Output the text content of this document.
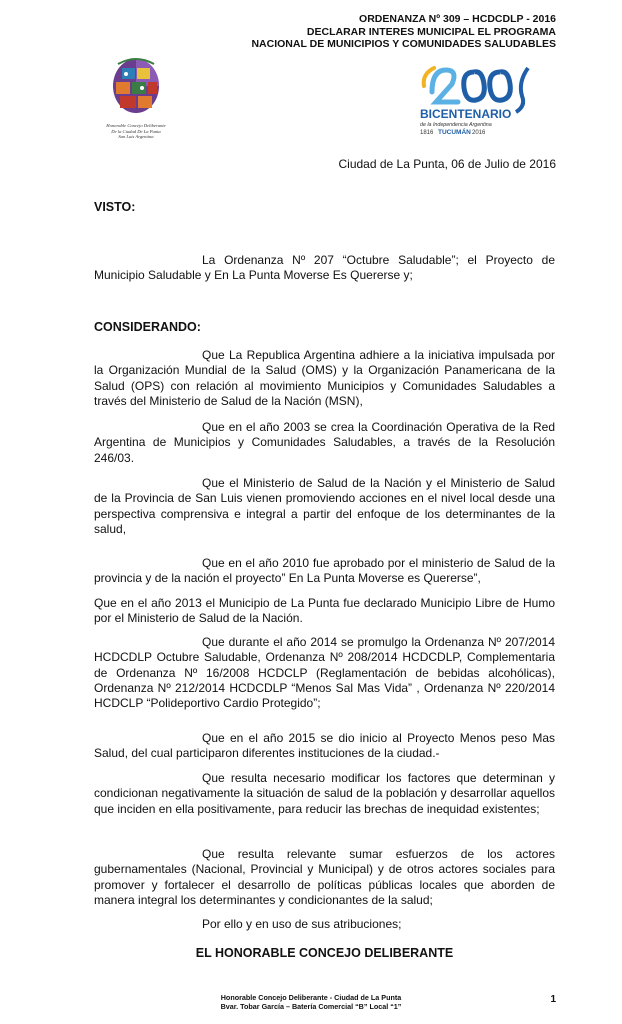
ORDENANZA Nº 309 – HCDCDLP - 2016
DECLARAR INTERES MUNICIPAL EL PROGRAMA
NACIONAL DE MUNICIPIOS Y COMUNIDADES SALUDABLES
Honorable Concejo Deliberante
De la Ciudad De La Punta
San Luis Argentina
BICENTENARIO
de la Independencia Argentina
1816 TUCUMÁN 2016
Ciudad de La Punta, 06 de Julio de 2016
VISTO:
La Ordenanza Nº 207 “Octubre Saludable”; el Proyecto de Municipio Saludable y En La Punta Moverse Es Quererse y;
CONSIDERANDO:
Que La Republica Argentina adhiere a la iniciativa impulsada por la Organización Mundial de la Salud (OMS) y la Organización Panamericana de la Salud (OPS) con relación al movimiento Municipios y Comunidades Saludables a través del Ministerio de Salud de la Nación (MSN),
Que en el año 2003 se crea la Coordinación Operativa de la Red Argentina de Municipios y Comunidades Saludables, a través de la Resolución 246/03.
Que el Ministerio de Salud de la Nación y el Ministerio de Salud de la Provincia de San Luis vienen promoviendo acciones en el nivel local desde una perspectiva comprensiva e integral a partir del enfoque de los determinantes de la salud,
Que en el año 2010 fue aprobado por el ministerio de Salud de la provincia y de la nación el proyecto” En La Punta Moverse es Quererse”,
Que en el año 2013 el Municipio de La Punta fue declarado Municipio Libre de Humo por el Ministerio de Salud de la Nación.
Que durante el año 2014 se promulgo la Ordenanza Nº 207/2014 HCDCDLP Octubre Saludable, Ordenanza Nº 208/2014 HCDCDLP, Complementaria de Ordenanza Nº 16/2008 HCDCLP (Reglamentación de bebidas alcohólicas), Ordenanza Nº 212/2014 HCDCDLP “Menos Sal Mas Vida” , Ordenanza Nº 220/2014 HCDCLP “Polideportivo Cardio Protegido”;
Que en el año 2015 se dio inicio al Proyecto Menos peso Mas Salud, del cual participaron diferentes instituciones de la ciudad.-
Que resulta necesario modificar los factores que determinan y condicionan negativamente la situación de salud de la población y desarrollar aquellos que inciden en ella positivamente, para reducir las brechas de inequidad existentes;
Que resulta relevante sumar esfuerzos de los actores gubernamentales (Nacional, Provincial y Municipal) y de otros actores sociales para promover y fortalecer el desarrollo de políticas públicas locales que aborden de manera integral los determinantes y condicionantes de la salud;
Por ello y en uso de sus atribuciones;
EL HONORABLE CONCEJO DELIBERANTE
Honorable Concejo Deliberante - Ciudad de La Punta
Bvar. Tobar García – Batería Comercial “B” Local “1”
1
